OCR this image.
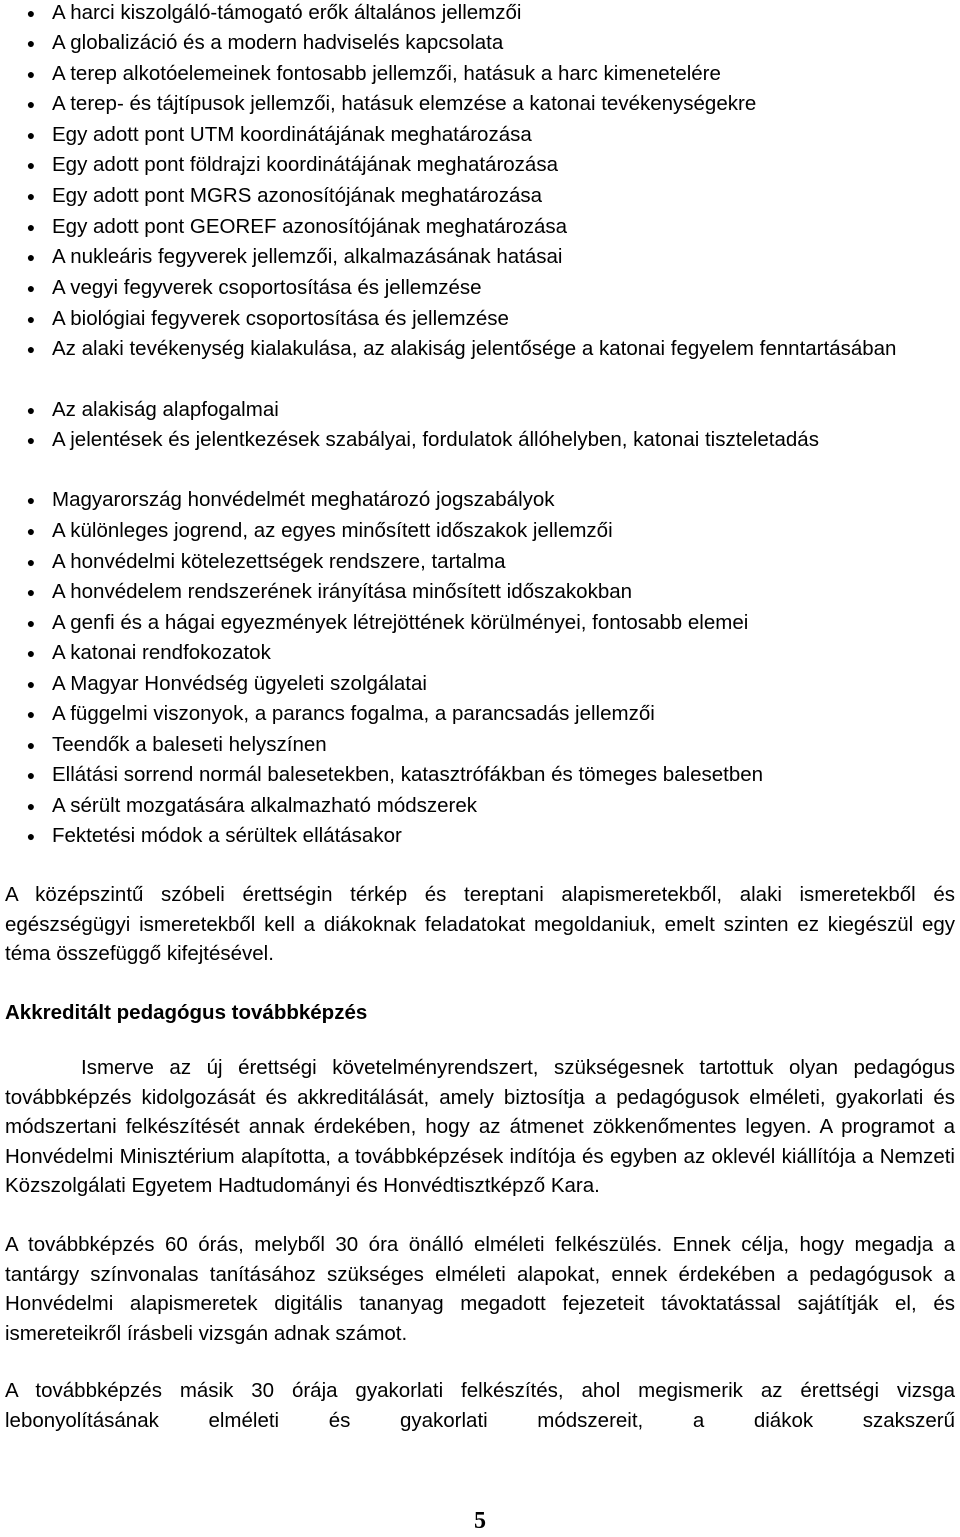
● A harci kiszolgáló-támogató erők általános jellemzői
● A globalizáció és a modern hadviselés kapcsolata
● A terep alkotóelemeinek fontosabb jellemzői, hatásuk a harc kimenetelére
● A terep- és tájtípusok jellemzői, hatásuk elemzése a katonai tevékenységekre
● Egy adott pont UTM koordinátájának meghatározása
● Egy adott pont földrajzi koordinátájának meghatározása
● Egy adott pont MGRS azonosítójának meghatározása
● Egy adott pont GEOREF azonosítójának meghatározása
● A nukleáris fegyverek jellemzői, alkalmazásának hatásai
● A vegyi fegyverek csoportosítása és jellemzése
● A biológiai fegyverek csoportosítása és jellemzése
● Az alaki tevékenység kialakulása, az alakiság jelentősége a katonai fegyelem fenntartásában
● Az alakiság alapfogalmai
● A jelentések és jelentkezések szabályai, fordulatok állóhelyben, katonai tiszteletadás
● Magyarország honvédelmét meghatározó jogszabályok
● A különleges jogrend, az egyes minősített időszakok jellemzői
● A honvédelmi kötelezettségek rendszere, tartalma
● A honvédelem rendszerének irányítása minősített időszakokban
● A genfi és a hágai egyezmények létrejöttének körülményei, fontosabb elemei
● A katonai rendfokozatok
● A Magyar Honvédség ügyeleti szolgálatai
● A függelmi viszonyok, a parancs fogalma, a parancsadás jellemzői
● Teendők a baleseti helyszínen
● Ellátási sorrend normál balesetekben, katasztrófákban és tömeges balesetben
● A sérült mozgatására alkalmazható módszerek
● Fektetési módok a sérültek ellátásakor

A középszintű szóbeli érettségin térkép és tereptani alapismeretekből, alaki ismeretekből és egészségügyi ismeretekből kell a diákoknak feladatokat megoldaniuk, emelt szinten ez kiegészül egy téma összefüggő kifejtésével.

Akkreditált pedagógus továbbképzés

Ismerve az új érettségi követelményrendszert, szükségesnek tartottuk olyan pedagógus továbbképzés kidolgozását és akkreditálását, amely biztosítja a pedagógusok elméleti, gyakorlati és módszertani felkészítését annak érdekében, hogy az átmenet zökkenőmentes legyen. A programot a Honvédelmi Minisztérium alapította, a továbbképzések indítója és egyben az oklevél kiállítója a Nemzeti Közszolgálati Egyetem Hadtudományi és Honvédtisztképző Kara.

A továbbképzés 60 órás, melyből 30 óra önálló elméleti felkészülés. Ennek célja, hogy megadja a tantárgy színvonalas tanításához szükséges elméleti alapokat, ennek érdekében a pedagógusok a Honvédelmi alapismeretek digitális tananyag megadott fejezeteit távoktatással sajátítják el, és ismereteikről írásbeli vizsgán adnak számot.

A továbbképzés másik 30 órája gyakorlati felkészítés, ahol megismerik az érettségi vizsga lebonyolításának elméleti és gyakorlati módszereit, a diákok szakszerű

5
